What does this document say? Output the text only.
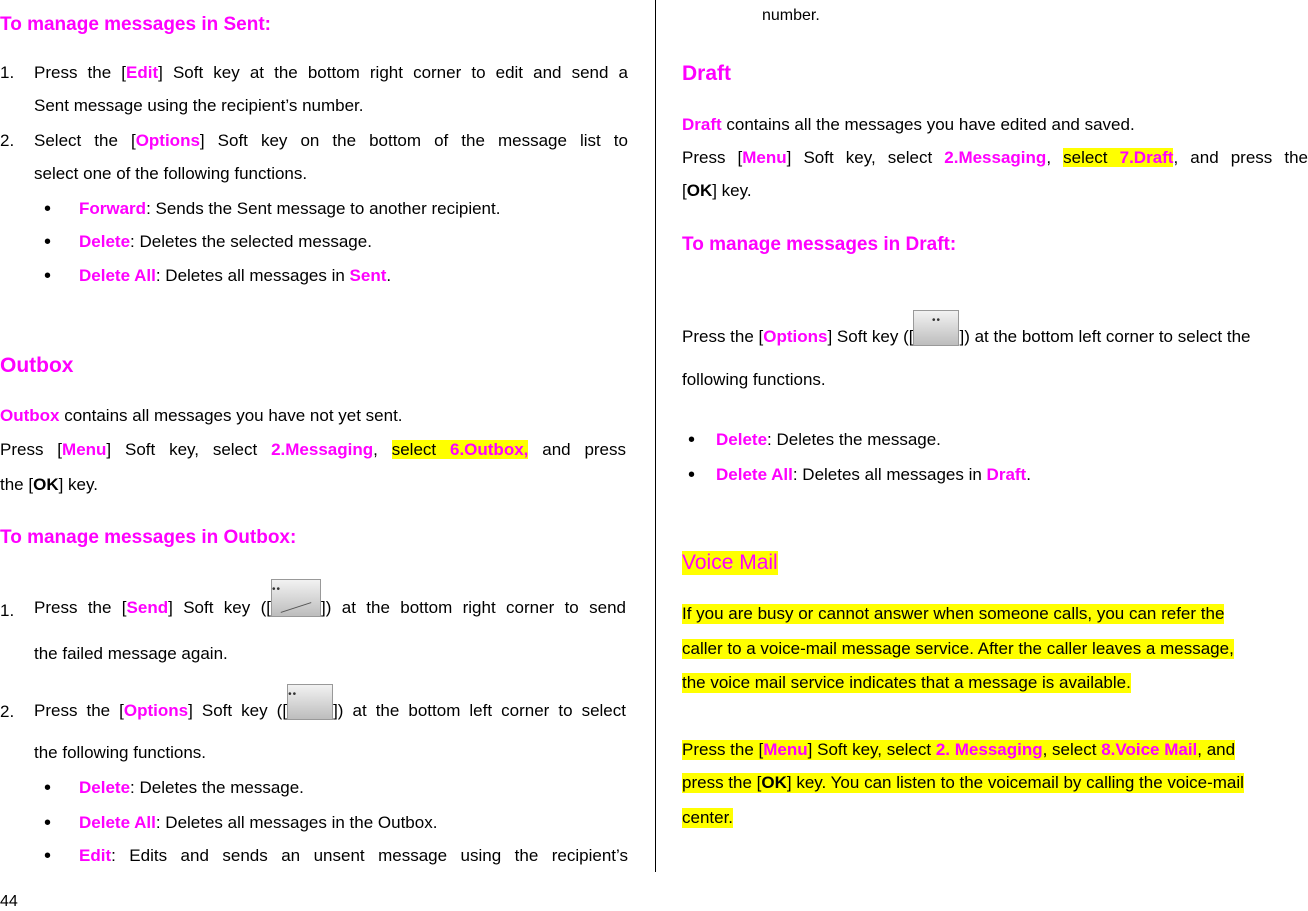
To manage messages in Sent:
1. Press the [Edit] Soft key at the bottom right corner to edit and send a
Sent message using the recipient’s number.
2. Select the [Options] Soft key on the bottom of the message list to
select one of the following functions.
• Forward: Sends the Sent message to another recipient.
• Delete: Deletes the selected message.
• Delete All: Deletes all messages in Sent.
Outbox
Outbox contains all messages you have not yet sent.
Press [Menu] Soft key, select 2.Messaging, select 6.Outbox, and press
the [OK] key.
To manage messages in Outbox:
1. Press the [Send] Soft key ([ ••	]) at the bottom right corner to send
the failed message again.
2. Press the [Options] Soft key ([ ••	]) at the bottom left corner to select
the following functions.
• Delete: Deletes the message.
• Delete All: Deletes all messages in the Outbox.
• Edit: Edits and sends an unsent message using the recipient’s
44
number.
Draft
Draft contains all the messages you have edited and saved.
Press [Menu] Soft key, select 2.Messaging, select 7.Draft, and press the
[OK] key.
To manage messages in Draft:
Press the [Options] Soft key ([ ••	]) at the bottom left corner to select the
following functions.
• Delete: Deletes the message.
• Delete All: Deletes all messages in Draft.
Voice Mail
If you are busy or cannot answer when someone calls, you can refer the
caller to a voice-mail message service. After the caller leaves a message,
the voice mail service indicates that a message is available.
Press the [Menu] Soft key, select 2. Messaging, select 8.Voice Mail, and
press the [OK] key. You can listen to the voicemail by calling the voice-mail
center.
